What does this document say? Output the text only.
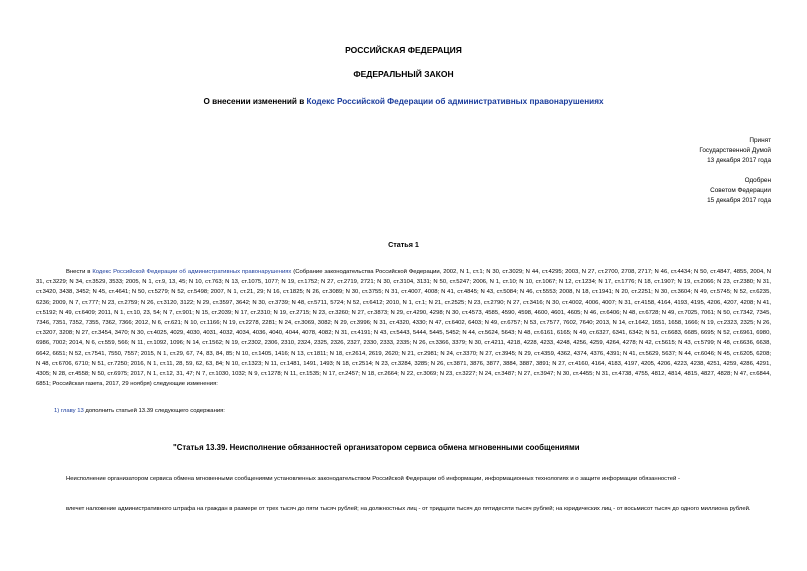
РОССИЙСКАЯ ФЕДЕРАЦИЯ
ФЕДЕРАЛЬНЫЙ ЗАКОН
О внесении изменений в Кодекс Российской Федерации об административных правонарушениях
Принят
Государственной Думой
13 декабря 2017 года
Одобрен
Советом Федерации
15 декабря 2017 года
Статья 1
Внести в Кодекс Российской Федерации об административных правонарушениях (Собрание законодательства Российской Федерации, 2002, N 1, ст.1; N 30, ст.3029; N 44, ст.4295; 2003, N 27, ст.2700, 2708, 2717; N 46, ст.4434; N 50, ст.4847, 4855, 2004, N 31, ст.3229; N 34, ст.3529, 3533; 2005, N 1, ст.9, 13, 45; N 10, ст.763; N 13, ст.1075, 1077; N 19, ст.1752; N 27, ст.2719, 2721; N 30, ст.3104, 3131; N 50, ст.5247; 2006, N 1, ст.10; N 10, ст.1067; N 12, ст.1234; N 17, ст.1776; N 18, ст.1907; N 19, ст.2066; N 23, ст.2380; N 31, ст.3420, 3438, 3452; N 45, ст.4641; N 50, ст.5279; N 52, ст.5498; 2007, N 1, ст.21, 29; N 16, ст.1825; N 26, ст.3089; N 30, ст.3755; N 31, ст.4007, 4008; N 41, ст.4845; N 43, ст.5084; N 46, ст.5553; 2008, N 18, ст.1941; N 20, ст.2251; N 30, ст.3604; N 49, ст.5745; N 52, ст.6235, 6236; 2009, N 7, ст.777; N 23, ст.2759; N 26, ст.3120, 3122; N 29, ст.3597, 3642; N 30, ст.3739; N 48, ст.5711, 5724; N 52, ст.6412; 2010, N 1, ст.1; N 21, ст.2525; N 23, ст.2790; N 27, ст.3416; N 30, ст.4002, 4006, 4007; N 31, ст.4158, 4164, 4193, 4195, 4206, 4207, 4208; N 41, ст.5192; N 49, ст.6409; 2011, N 1, ст.10, 23, 54; N 7, ст.901; N 15, ст.2039; N 17, ст.2310; N 19, ст.2715; N 23, ст.3260; N 27, ст.3873; N 29, ст.4290, 4298; N 30, ст.4573, 4585, 4590, 4598, 4600, 4601, 4605; N 46, ст.6406; N 48, ст.6728; N 49, ст.7025, 7061; N 50, ст.7342, 7345, 7346, 7351, 7352, 7355, 7362, 7366; 2012, N 6, ст.621; N 10, ст.1166; N 19, ст.2278, 2281; N 24, ст.3069, 3082; N 29, ст.3996; N 31, ст.4320, 4330; N 47, ст.6402, 6403; N 49, ст.6757; N 53, ст.7577, 7602, 7640; 2013, N 14, ст.1642, 1651, 1658, 1666; N 19, ст.2323, 2325; N 26, ст.3207, 3208; N 27, ст.3454, 3470; N 30, ст.4025, 4029, 4030, 4031, 4032, 4034, 4036, 4040, 4044, 4078, 4082; N 31, ст.4191; N 43, ст.5443, 5444, 5445, 5452; N 44, ст.5624, 5643; N 48, ст.6161, 6165; N 49, ст.6327, 6341, 6342; N 51, ст.6683, 6685, 6695; N 52, ст.6961, 6980, 6986, 7002; 2014, N 6, ст.559, 566; N 11, ст.1092, 1096; N 14, ст.1562; N 19, ст.2302, 2306, 2310, 2324, 2325, 2326, 2327, 2330, 2333, 2335; N 26, ст.3366, 3379; N 30, ст.4211, 4218, 4228, 4233, 4248, 4256, 4259, 4264, 4278; N 42, ст.5615; N 43, ст.5799; N 48, ст.6636, 6638, 6642, 6651; N 52, ст.7541, 7550, 7557; 2015, N 1, ст.29, 67, 74, 83, 84, 85; N 10, ст.1405, 1416; N 13, ст.1811; N 18, ст.2614, 2619, 2620; N 21, ст.2981; N 24, ст.3370; N 27, ст.3945; N 29, ст.4359, 4362, 4374, 4376, 4391; N 41, ст.5629, 5637; N 44, ст.6046; N 45, ст.6205, 6208; N 48, ст.6706, 6710; N 51, ст.7250; 2016, N 1, ст.11, 28, 59, 62, 63, 84; N 10, ст.1323; N 11, ст.1481, 1491, 1493; N 18, ст.2514; N 23, ст.3284, 3285; N 26, ст.3871, 3876, 3877, 3884, 3887, 3891; N 27, ст.4160, 4164, 4183, 4197, 4205, 4206, 4223, 4238, 4251, 4259, 4286, 4291, 4305; N 28, ст.4558; N 50, ст.6975; 2017, N 1, ст.12, 31, 47; N 7, ст.1030, 1032; N 9, ст.1278; N 11, ст.1535; N 17, ст.2457; N 18, ст.2664; N 22, ст.3069; N 23, ст.3227; N 24, ст.3487; N 27, ст.3947; N 30, ст.4455; N 31, ст.4738, 4755, 4812, 4814, 4815, 4827, 4828; N 47, ст.6844, 6851; Российская газета, 2017, 29 ноября) следующие изменения:
1) главу 13 дополнить статьей 13.39 следующего содержания:
"Статья 13.39. Неисполнение обязанностей организатором сервиса обмена мгновенными сообщениями
Неисполнение организатором сервиса обмена мгновенными сообщениями установленных законодательством Российской Федерации об информации, информационных технологиях и о защите информации обязанностей -
влечет наложение административного штрафа на граждан в размере от трех тысяч до пяти тысяч рублей; на должностных лиц - от тридцати тысяч до пятидесяти тысяч рублей; на юридических лиц - от восьмисот тысяч до одного миллиона рублей.
